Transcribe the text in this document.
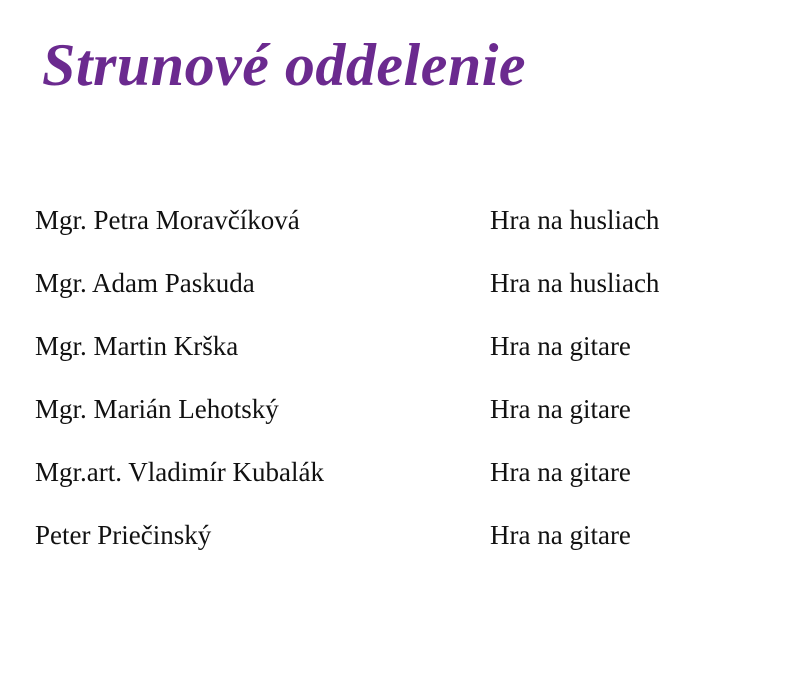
Strunové oddelenie
Mgr. Petra Moravčíková	Hra na husliach
Mgr. Adam Paskuda	Hra na husliach
Mgr. Martin Krška	Hra na gitare
Mgr. Marián Lehotský	Hra na gitare
Mgr.art. Vladimír Kubalák	Hra na gitare
Peter Priečinský	Hra na gitare
